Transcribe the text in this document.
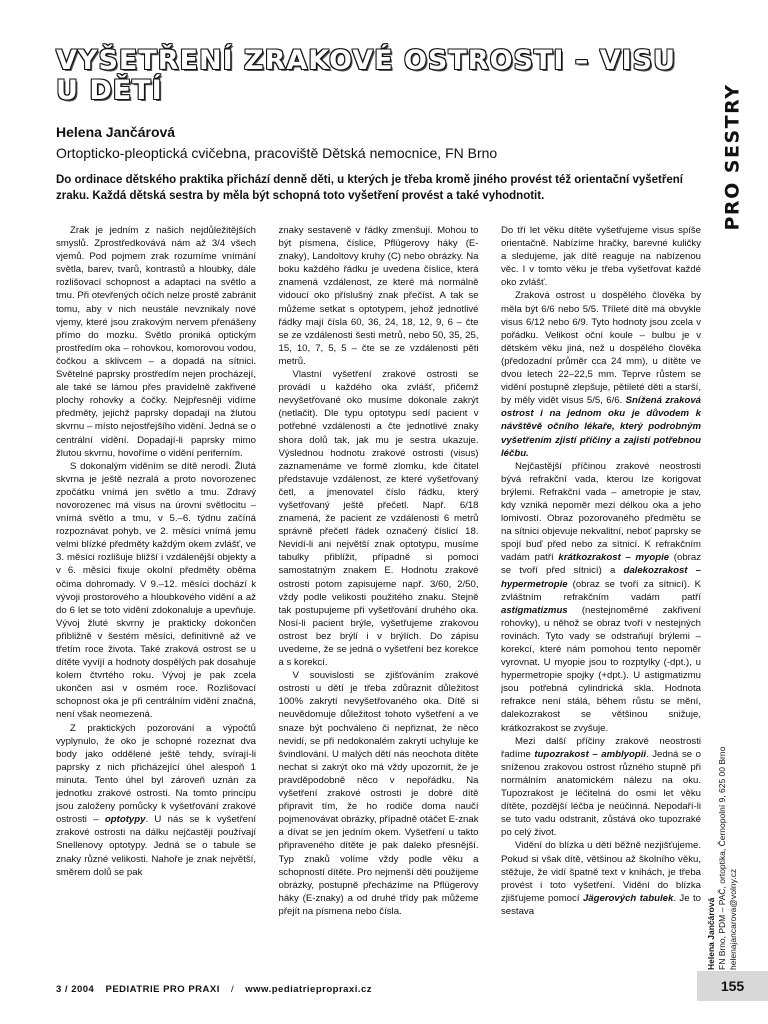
VYŠETŘENÍ ZRAKOVÉ OSTROSTI – VISU
U DĚTÍ

Helena Jančárová

Ortopticko-pleoptická cvičebna, pracoviště Dětská nemocnice, FN Brno

Do ordinace dětského praktika přichází denně děti, u kterých je třeba kromě jiného provést též orientační vyšetření zraku. Každá dětská sestra by měla být schopná toto vyšetření provést a také vyhodnotit.	PRO SESTRY

Zrak je jedním z našich nejdůležitějších smyslů. Zprostředkovává nám až 3/4 všech vjemů. Pod pojmem zrak rozumíme vnímání světla, barev, tvarů, kontrastů a hloubky, dále rozlišovací schopnost a adaptaci na světlo a tmu. Při otevřených očích nelze prostě zabránit tomu, aby v nich neustále nevznikaly nové vjemy, které jsou zrakovým nervem přenášeny přímo do mozku. Světlo proniká optickým prostředím oka – rohovkou, komorovou vodou, čočkou a sklivcem – a dopadá na sítnici. Světelné paprsky prostředím nejen procházejí, ale také se lámou přes pravidelně zakřivené plochy rohovky a čočky. Nejpřesněji vidíme předměty, jejichž paprsky dopadají na žlutou skvrnu – místo nejostřejšího vidění. Jedná se o centrální vidění. Dopadají-li paprsky mimo žlutou skvrnu, hovoříme o vidění periferním.

S dokonalým viděním se dítě nerodí. Žlutá skvrna je ještě nezralá a proto novorozenec zpočátku vnímá jen světlo a tmu. Zdravý novorozenec má visus na úrovni světlocitu – vnímá světlo a tmu, v 5.–6. týdnu začíná rozpoznávat pohyb, ve 2. měsíci vnímá jemu velmi blízké předměty každým okem zvlášť, ve 3. měsíci rozlišuje bližší i vzdálenější objekty a v 6. měsíci fixuje okolní předměty oběma očima dohromady. V 9.–12. měsíci dochází k vývoji prostorového a hloubkového vidění a až do 6 let se toto vidění zdokonaluje a upevňuje. Vývoj žluté skvrny je prakticky dokončen přibližně v šestém měsíci, definitivně až ve třetím roce života. Také zraková ostrost se u dítěte vyvíjí a hodnoty dospělých pak dosahuje kolem čtvrtého roku. Vývoj je pak zcela ukončen asi v osmém roce. Rozlišovací schopnost oka je při centrálním vidění značná, není však neomezená.

Z praktických pozorování a výpočtů vyplynulo, že oko je schopné rozeznat dva body jako oddělené ještě tehdy, svírají-li paprsky z nich přicházející úhel alespoň 1 minuta. Tento úhel byl zároveň uznán za jednotku zrakové ostrosti. Na tomto principu jsou založeny pomůcky k vyšetřování zrakové ostrosti – optotypy. U nás se k vyšetření zrakové ostrosti na dálku nejčastěji používají Snellenovy optotypy. Jedná se o tabule se znaky různé velikosti. Nahoře je znak největší, směrem dolů se pak

znaky sestaveně v řádky zmenšují. Mohou to být písmena, číslice, Pflügerovy háky (E-znaky), Landoltovy kruhy (C) nebo obrázky. Na boku každého řádku je uvedena číslice, která znamená vzdálenost, ze které má normálně vidoucí oko příslušný znak přečíst. A tak se můžeme setkat s optotypem, jehož jednotlivé řádky mají čísla 60, 36, 24, 18, 12, 9, 6 – čte se ze vzdálenosti šesti metrů, nebo 50, 35, 25, 15, 10, 7, 5, 5 – čte se ze vzdálenosti pěti metrů.

Vlastní vyšetření zrakové ostrosti se provádí u každého oka zvlášť, přičemž nevyšetřované oko musíme dokonale zakrýt (netlačit). Dle typu optotypu sedí pacient v potřebné vzdálenosti a čte jednotlivé znaky shora dolů tak, jak mu je sestra ukazuje. Výslednou hodnotu zrakové ostrosti (visus) zaznamenáme ve formě zlomku, kde čitatel představuje vzdálenost, ze které vyšetřovaný četl, a jmenovatel číslo řádku, který vyšetřovaný ještě přečetl. Např. 6/18 znamená, že pacient ze vzdálenosti 6 metrů správně přečetl řádek označený číslicí 18. Nevidí-li ani největší znak optotypu, musíme tabulky přiblížit, případně si pomoci samostatným znakem E. Hodnotu zrakové ostrosti potom zapisujeme např. 3/60, 2/50, vždy podle velikosti použitého znaku. Stejně tak postupujeme při vyšetřování druhého oka. Nosí-li pacient brýle, vyšetřujeme zrakovou ostrost bez brýlí i v brýlích. Do zápisu uvedeme, že se jedná o vyšetření bez korekce a s korekcí.

V souvislosti se zjišťováním zrakové ostrosti u dětí je třeba zdůraznit důležitost 100% zakrytí nevyšetřovaného oka. Dítě si neuvědomuje důležitost tohoto vyšetření a ve snaze být pochváleno či nepřiznat, že něco nevidí, se při nedokonalém zakrytí uchyluje ke švindlování. U malých dětí nás neochota dítěte nechat si zakrýt oko má vždy upozornit, že je pravděpodobně něco v nepořádku. Na vyšetření zrakové ostrosti je dobré dítě připravit tím, že ho rodiče doma naučí pojmenovávat obrázky, případně otáčet E-znak a dívat se jen jedním okem. Vyšetření u takto připraveného dítěte je pak daleko přesnější. Typ znaků volíme vždy podle věku a schopností dítěte. Pro nejmenší děti použijeme obrázky, postupně přecházíme na Pflügerovy háky (E-znaky) a od druhé třídy pak můžeme přejít na písmena nebo čísla.

Do tří let věku dítěte vyšetřujeme visus spíše orientačně. Nabízíme hračky, barevné kuličky a sledujeme, jak dítě reaguje na nabízenou věc. I v tomto věku je třeba vyšetřovat každé oko zvlášť.

Zraková ostrost u dospělého člověka by měla být 6/6 nebo 5/5. Tříleté dítě má obvykle visus 6/12 nebo 6/9. Tyto hodnoty jsou zcela v pořádku. Velikost oční koule – bulbu je v dětském věku jiná, než u dospělého člověka (předozadní průměr cca 24 mm), u dítěte ve dvou letech 22–22,5 mm. Teprve růstem se vidění postupně zlepšuje, pětileté děti a starší, by měly vidět visus 5/5, 6/6. Snížená zraková ostrost i na jednom oku je důvodem k návštěvě očního lékaře, který podrobným vyšetřením zjistí příčiny a zajistí potřebnou léčbu.

Nejčastější příčinou zrakové neostrosti bývá refrakční vada, kterou lze korigovat brýlemi. Refrakční vada – ametropie je stav, kdy vzniká nepoměr mezi délkou oka a jeho lomivostí. Obraz pozorovaného předmětu se na sítnici objevuje nekvalitní, neboť paprsky se spojí buď před nebo za sítnicí. K refrakčním vadám patří krátkozrakost – myopie (obraz se tvoří před sítnicí) a dalekozrakost – hypermetropie (obraz se tvoří za sítnicí). K zvláštním refrakčním vadám patří astigmatizmus (nestejnoměrné zakřivení rohovky), u něhož se obraz tvoří v nestejných rovinách. Tyto vady se odstraňují brýlemi – korekcí, které nám pomohou tento nepoměr vyrovnat. U myopie jsou to rozptylky (-dpt.), u hypermetropie spojky (+dpt.). U astigmatizmu jsou potřebná cylindrická skla. Hodnota refrakce není stálá, během růstu se mění, dalekozrakost se většinou snižuje, krátkozrakost se zvyšuje.

Mezi další příčiny zrakové neostrosti řadíme tupozrakost – amblyopii. Jedná se o sníženou zrakovou ostrost různého stupně při normálním anatomickém nálezu na oku. Tupozrakost je léčitelná do osmi let věku dítěte, pozdější léčba je neúčinná. Nepodaří-li se tuto vadu odstranit, zůstává oko tupozraké po celý život.

Vidění do blízka u dětí běžně nezjišťujeme. Pokud si však dítě, většinou až školního věku, stěžuje, že vidí špatně text v knihách, je třeba provést i toto vyšetření. Vidění do blízka zjišťujeme pomocí Jägerových tabulek. Je to sestava	Helena Jančárová FN Brno, PDM – PAČ, ortoptika, Černopolní 9, 625 00 Brno helenajancarova@volny.cz
3 / 2004 PEDIATRIE PRO PRAXI / www.pediatriepropraxi.cz	155
